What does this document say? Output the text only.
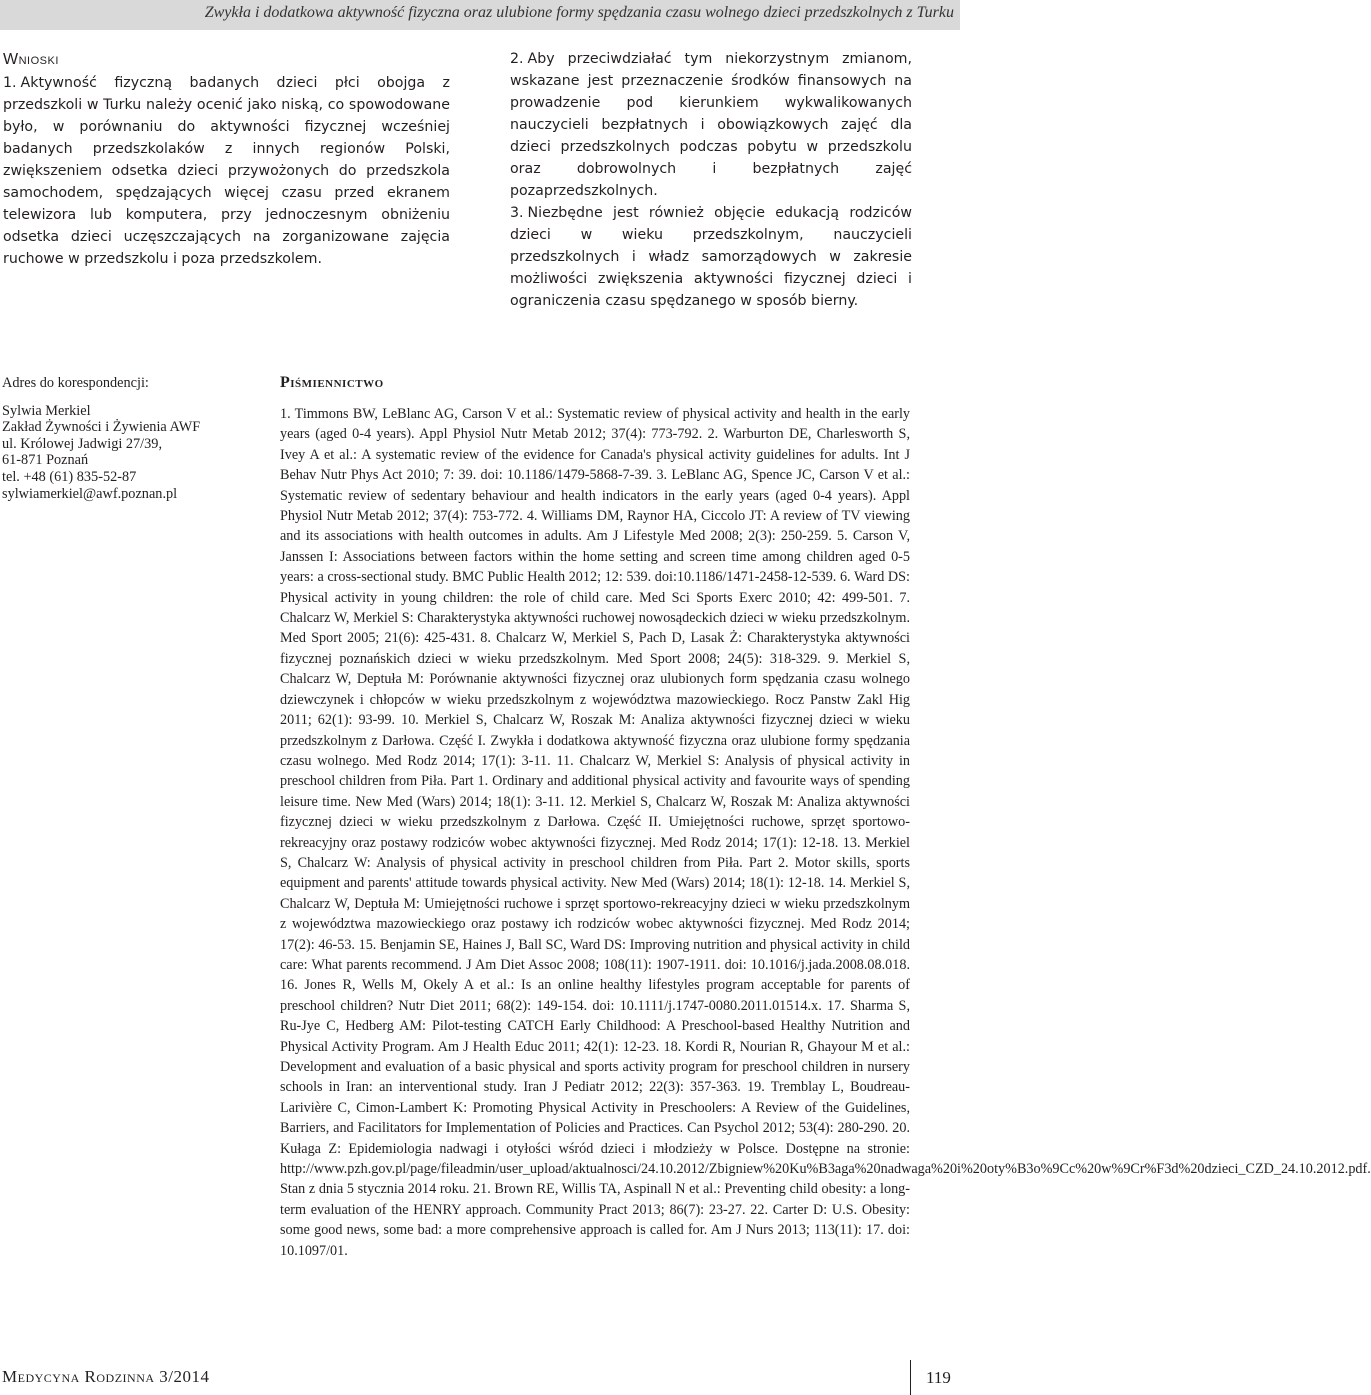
Zwykła i dodatkowa aktywność fizyczna oraz ulubione formy spędzania czasu wolnego dzieci przedszkolnych z Turku
Wnioski

1. Aktywność fizyczną badanych dzieci płci obojga z przedszkoli w Turku należy ocenić jako niską, co spowodowane było, w porównaniu do aktywności fizycznej wcześniej badanych przedszkolaków z innych regionów Polski, zwiększeniem odsetka dzieci przywożonych do przedszkola samochodem, spędzających więcej czasu przed ekranem telewizora lub komputera, przy jednoczesnym obniżeniu odsetka dzieci uczęszczających na zorganizowane zajęcia ruchowe w przedszkolu i poza przedszkolem.

2. Aby przeciwdziałać tym niekorzystnym zmianom, wskazane jest przeznaczenie środków finansowych na prowadzenie pod kierunkiem wykwalikowanych nauczycieli bezpłatnych i obowiązkowych zajęć dla dzieci przedszkolnych podczas pobytu w przedszkolu oraz dobrowolnych i bezpłatnych zajęć pozaprzedszkolnych.

3. Niezbędne jest również objęcie edukacją rodziców dzieci w wieku przedszkolnym, nauczycieli przedszkolnych i władz samorządowych w zakresie możliwości zwiększenia aktywności fizycznej dzieci i ograniczenia czasu spędzanego w sposób bierny.

Adres do korespondencji:
Sylwia Merkiel
Zakład Żywności i Żywienia AWF
ul. Królowej Jadwigi 27/39,
61-871 Poznań
tel. +48 (61) 835-52-87
sylwiamerkiel@awf.poznan.pl
Piśmiennictwo

1. Timmons BW, LeBlanc AG, Carson V et al.: Systematic review of physical activity and health in the early years (aged 0-4 years). Appl Physiol Nutr Metab 2012; 37(4): 773-792. 2. Warburton DE, Charlesworth S, Ivey A et al.: A systematic review of the evidence for Canada's physical activity guidelines for adults. Int J Behav Nutr Phys Act 2010; 7: 39. doi: 10.1186/1479-5868-7-39. 3. LeBlanc AG, Spence JC, Carson V et al.: Systematic review of sedentary behaviour and health indicators in the early years (aged 0-4 years). Appl Physiol Nutr Metab 2012; 37(4): 753-772. 4. Williams DM, Raynor HA, Ciccolo JT: A review of TV viewing and its associations with health outcomes in adults. Am J Lifestyle Med 2008; 2(3): 250-259. 5. Carson V, Janssen I: Associations between factors within the home setting and screen time among children aged 0-5 years: a cross-sectional study. BMC Public Health 2012; 12: 539. doi:10.1186/1471-2458-12-539. 6. Ward DS: Physical activity in young children: the role of child care. Med Sci Sports Exerc 2010; 42: 499-501. 7. Chalcarz W, Merkiel S: Charakterystyka aktywności ruchowej nowosądeckich dzieci w wieku przedszkolnym. Med Sport 2005; 21(6): 425-431. 8. Chalcarz W, Merkiel S, Pach D, Lasak Ż: Charakterystyka aktywności fizycznej poznańskich dzieci w wieku przedszkolnym. Med Sport 2008; 24(5): 318-329. 9. Merkiel S, Chalcarz W, Deptuła M: Porównanie aktywności fizycznej oraz ulubionych form spędzania czasu wolnego dziewczynek i chłopców w wieku przedszkolnym z województwa mazowieckiego. Rocz Panstw Zakl Hig 2011; 62(1): 93-99. 10. Merkiel S, Chalcarz W, Roszak M: Analiza aktywności fizycznej dzieci w wieku przedszkolnym z Darłowa. Część I. Zwykła i dodatkowa aktywność fizyczna oraz ulubione formy spędzania czasu wolnego. Med Rodz 2014; 17(1): 3-11. 11. Chalcarz W, Merkiel S: Analysis of physical activity in preschool children from Piła. Part 1. Ordinary and additional physical activity and favourite ways of spending leisure time. New Med (Wars) 2014; 18(1): 3-11. 12. Merkiel S, Chalcarz W, Roszak M: Analiza aktywności fizycznej dzieci w wieku przedszkolnym z Darłowa. Część II. Umiejętności ruchowe, sprzęt sportowo-rekreacyjny oraz postawy rodziców wobec aktywności fizycznej. Med Rodz 2014; 17(1): 12-18. 13. Merkiel S, Chalcarz W: Analysis of physical activity in preschool children from Piła. Part 2. Motor skills, sports equipment and parents' attitude towards physical activity. New Med (Wars) 2014; 18(1): 12-18. 14. Merkiel S, Chalcarz W, Deptuła M: Umiejętności ruchowe i sprzęt sportowo-rekreacyjny dzieci w wieku przedszkolnym z województwa mazowieckiego oraz postawy ich rodziców wobec aktywności fizycznej. Med Rodz 2014; 17(2): 46-53. 15. Benjamin SE, Haines J, Ball SC, Ward DS: Improving nutrition and physical activity in child care: What parents recommend. J Am Diet Assoc 2008; 108(11): 1907-1911. doi: 10.1016/j.jada.2008.08.018. 16. Jones R, Wells M, Okely A et al.: Is an online healthy lifestyles program acceptable for parents of preschool children? Nutr Diet 2011; 68(2): 149-154. doi: 10.1111/j.1747-0080.2011.01514.x. 17. Sharma S, Ru-Jye C, Hedberg AM: Pilot-testing CATCH Early Childhood: A Preschool-based Healthy Nutrition and Physical Activity Program. Am J Health Educ 2011; 42(1): 12-23. 18. Kordi R, Nourian R, Ghayour M et al.: Development and evaluation of a basic physical and sports activity program for preschool children in nursery schools in Iran: an interventional study. Iran J Pediatr 2012; 22(3): 357-363. 19. Tremblay L, Boudreau-Larivière C, Cimon-Lambert K: Promoting Physical Activity in Preschoolers: A Review of the Guidelines, Barriers, and Facilitators for Implementation of Policies and Practices. Can Psychol 2012; 53(4): 280-290. 20. Kułaga Z: Epidemiologia nadwagi i otyłości wśród dzieci i młodzieży w Polsce. Dostępne na stronie: http://www.pzh.gov.pl/page/fileadmin/user_upload/aktualnosci/24.10.2012/Zbigniew%20Ku%B3aga%20nadwaga%20i%20oty%B3o%9Cc%20w%9Cr%F3d%20dzieci_CZD_24.10.2012.pdf. Stan z dnia 5 stycznia 2014 roku. 21. Brown RE, Willis TA, Aspinall N et al.: Preventing child obesity: a long-term evaluation of the HENRY approach. Community Pract 2013; 86(7): 23-27. 22. Carter D: U.S. Obesity: some good news, some bad: a more comprehensive approach is called for. Am J Nurs 2013; 113(11): 17. doi: 10.1097/01.

Medycyna Rodzinna 3/2014	119
